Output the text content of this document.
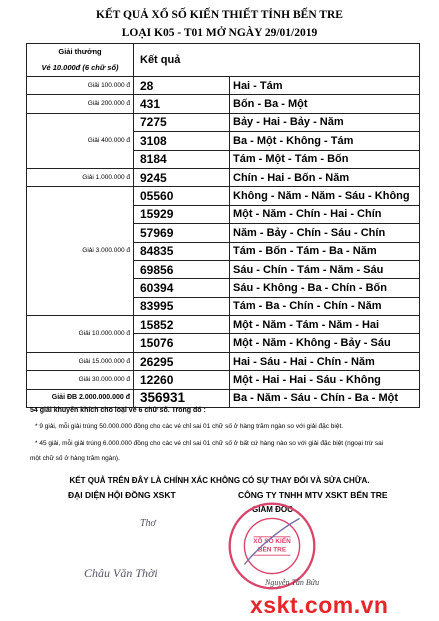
KẾT QUẢ XỔ SỐ KIẾN THIẾT TỈNH BẾN TRE
LOẠI K05 - T01 MỞ NGÀY 29/01/2019
Giải thưởng
Vé 10.000đ (6 chữ số)	Kết quả	
Giải 100.000 đ	28	Hai - Tám
Giải 200.000 đ	431	Bốn - Ba - Một
Giải 400.000 đ	7275	Bảy - Hai - Bảy - Năm
	3108	Ba - Một - Không - Tám
	8184	Tám - Một - Tám - Bốn
Giải 1.000.000 đ	9245	Chín - Hai - Bốn - Năm
Giải 3.000.000 đ	05560	Không - Năm - Năm - Sáu - Không
	15929	Một - Năm - Chín - Hai - Chín
	57969	Năm - Bảy - Chín - Sáu - Chín
	84835	Tám - Bốn - Tám - Ba - Năm
	69856	Sáu - Chín - Tám - Năm - Sáu
	60394	Sáu - Không - Ba - Chín - Bốn
	83995	Tám - Ba - Chín - Chín - Năm
Giải 10.000.000 đ	15852	Một - Năm - Tám - Năm - Hai
	15076	Một - Năm - Không - Bảy - Sáu
Giải 15.000.000 đ	26295	Hai - Sáu - Hai - Chín - Năm
Giải 30.000.000 đ	12260	Một - Hai - Hai - Sáu - Không
Giải ĐB 2.000.000.000 đ	356931	Ba - Năm - Sáu - Chín - Ba - Một
54 giải khuyến khích cho loại vé 6 chữ số. Trong đó :
* 9 giải, mỗi giải trúng 50.000.000 đồng cho các vé chỉ sai 01 chữ số ở hàng trăm ngàn so với giải đặc biệt.
* 45 giải, mỗi giải trúng 6.000.000 đồng cho các vé chỉ sai 01 chữ số ở bất cứ hàng nào so với giải đặc biệt (ngoại trừ sai
một chữ số ở hàng trăm ngàn).
KẾT QUẢ TRÊN ĐÂY LÀ CHÍNH XÁC KHÔNG CÓ SỰ THAY ĐỔI VÀ SỬA CHỮA.
ĐẠI DIỆN HỘI ĐỒNG XSKT	CÔNG TY TNHH MTV XSKT BẾN TRE
GIÁM ĐỐC
Thơ
Châu Văn Thời
XỔ SỐ KIẾN
BẾN TRE
Nguyễn Tấn Bửu
xskt.com.vn
